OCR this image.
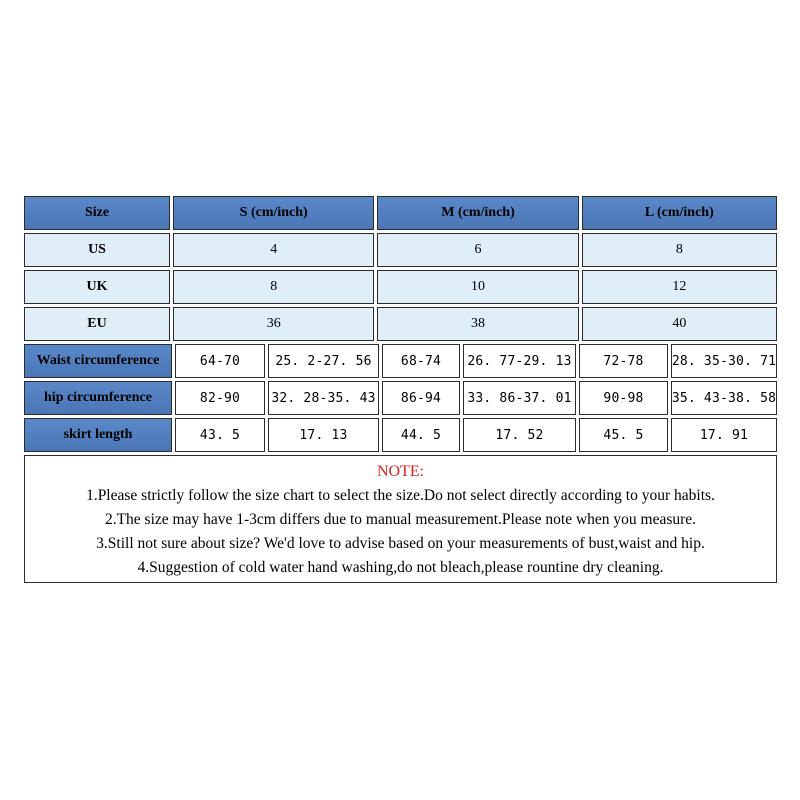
Size	S (cm/inch)	M (cm/inch)	L (cm/inch)
US	4	6	8
UK	8	10	12
EU	36	38	40
Waist circumference	64-70	25. 2-27. 56	68-74	26. 77-29. 13	72-78	28. 35-30. 71
hip circumference	82-90	32. 28-35. 43	86-94	33. 86-37. 01	90-98	35. 43-38. 58
skirt length	43. 5	17. 13	44. 5	17. 52	45. 5	17. 91
NOTE:
1.Please strictly follow the size chart to select the size.Do not select directly according to your habits.
2.The size may have 1-3cm differs due to manual measurement.Please note when you measure.
3.Still not sure about size? We'd love to advise based on your measurements of bust,waist and hip.
4.Suggestion of cold water hand washing,do not bleach,please rountine dry cleaning.
